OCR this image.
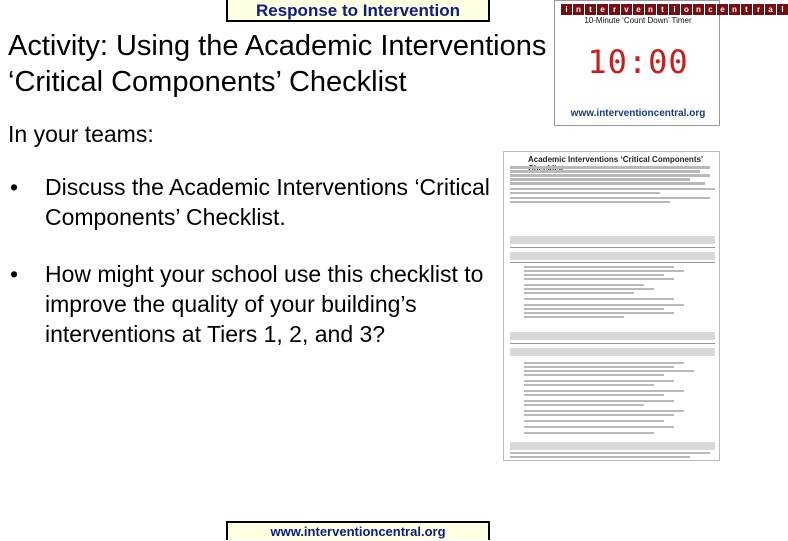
Response to Intervention
Activity: Using the Academic Interventions ‘Critical Components’ Checklist
In your teams:
• Discuss the Academic Interventions ‘Critical Components’ Checklist.
• How might your school use this checklist to improve the quality of your building’s interventions at Tiers 1, 2, and 3?
i	n	t	e	r	v e n	t	i	o n c e n	t	r	a	l
10-Minute ‘Count Down’ Timer
10:00
www.interventioncentral.org
Academic Interventions ‘Critical Components’
www.interventioncentral.org
